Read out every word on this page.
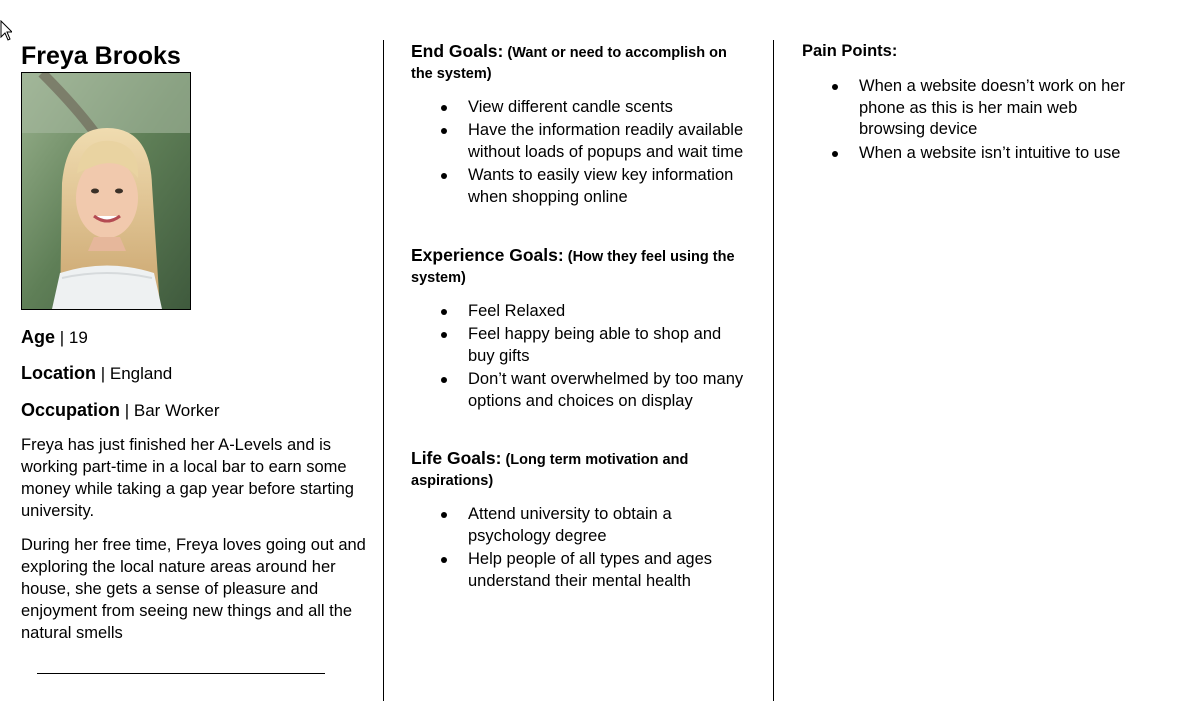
Freya Brooks
Age | 19
Location | England
Occupation | Bar Worker

Freya has just finished her A-Levels and is working part-time in a local bar to earn some money while taking a gap year before starting university.

During her free time, Freya loves going out and exploring the local nature areas around her house, she gets a sense of pleasure and enjoyment from seeing new things and all the natural smells

End Goals: (Want or need to accomplish on the system)
View different candle scents
Have the information readily available without loads of popups and wait time
Wants to easily view key information when shopping online
Experience Goals: (How they feel using the system)
Feel Relaxed
Feel happy being able to shop and buy gifts
Don’t want overwhelmed by too many options and choices on display
Life Goals: (Long term motivation and aspirations)
Attend university to obtain a psychology degree
Help people of all types and ages understand their mental health
Pain Points:
When a website doesn’t work on her phone as this is her main web browsing device
When a website isn’t intuitive to use
